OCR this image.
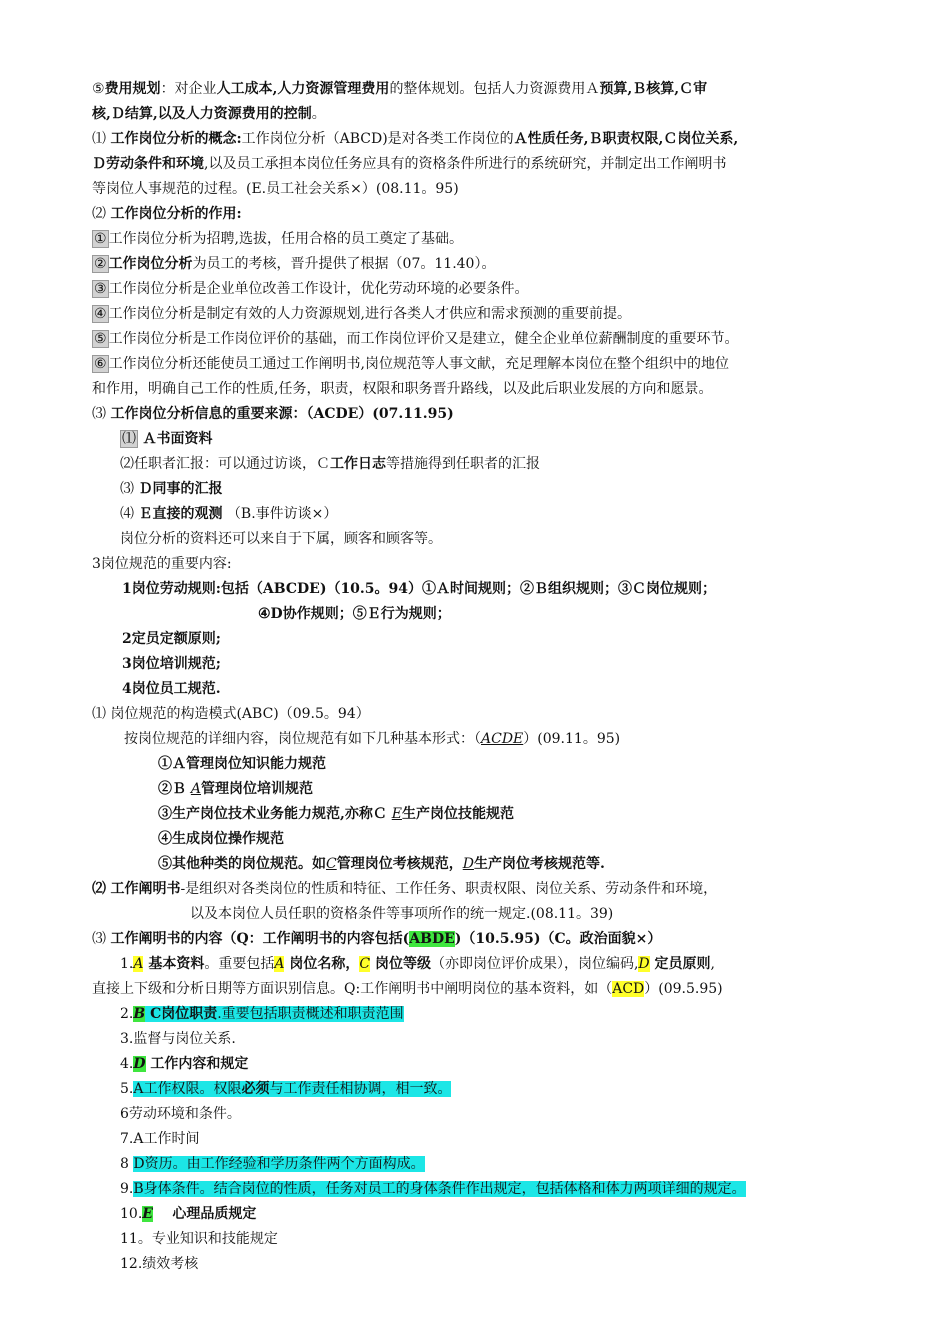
⑤费用规划：对企业人工成本,人力资源管理费用的整体规划。包括人力资源费用Ａ预算,Ｂ核算,Ｃ审
核,Ｄ结算,以及人力资源费用的控制。
⑴ 工作岗位分析的概念:工作岗位分析（ABCD)是对各类工作岗位的Ａ性质任务,Ｂ职责权限,Ｃ岗位关系,
Ｄ劳动条件和环境,以及员工承担本岗位任务应具有的资格条件所进行的系统研究，并制定出工作阐明书
等岗位人事规范的过程。(E.员工社会关系×）(08.11。95)
⑵ 工作岗位分析的作用:
① 工作岗位分析为招聘,选拔，任用合格的员工奠定了基础。
② 工作岗位分析为员工的考核，晋升提供了根据（07。11.40）。
③ 工作岗位分析是企业单位改善工作设计，优化劳动环境的必要条件。
④ 工作岗位分析是制定有效的人力资源规划,进行各类人才供应和需求预测的重要前提。
⑤ 工作岗位分析是工作岗位评价的基础，而工作岗位评价又是建立，健全企业单位薪酬制度的重要环节。
⑥ 工作岗位分析还能使员工通过工作阐明书,岗位规范等人事文献，充足理解本岗位在整个组织中的地位
和作用，明确自己工作的性质,任务，职责，权限和职务晋升路线，以及此后职业发展的方向和愿景。
⑶ 工作岗位分析信息的重要来源：（ACDE）(07.11.95)
⑴ Ａ书面资料
⑵任职者汇报：可以通过访谈，Ｃ工作日志等措施得到任职者的汇报
⑶ Ｄ同事的汇报
⑷ Ｅ直接的观测 （B.事件访谈×）
岗位分析的资料还可以来自于下属，顾客和顾客等。
3岗位规范的重要内容:
1岗位劳动规则:包括（ABCDE)（10.5。94）①Ａ时间规则；②Ｂ组织规则；③Ｃ岗位规则；
④D协作规则；⑤Ｅ行为规则；
2定员定额原则;
3岗位培训规范;
4岗位员工规范.
⑴ 岗位规范的构造模式(ABC)（09.5。94）
按岗位规范的详细内容，岗位规范有如下几种基本形式：（ACDE）(09.11。95)
①Ａ管理岗位知识能力规范
②Ｂ A管理岗位培训规范
③生产岗位技术业务能力规范,亦称Ｃ E生产岗位技能规范
④生成岗位操作规范
⑤其他种类的岗位规范。如C管理岗位考核规范，D生产岗位考核规范等.
⑵ 工作阐明书-是组织对各类岗位的性质和特征、工作任务、职责权限、岗位关系、劳动条件和环境，
以及本岗位人员任职的资格条件等事项所作的统一规定.(08.11。39)
⑶ 工作阐明书的内容（Q：工作阐明书的内容包括(ABDE)（10.5.95)（C。政治面貌×）
1.A 基本资料。重要包括A 岗位名称，C 岗位等级（亦即岗位评价成果），岗位编码,D 定员原则,
直接上下级和分析日期等方面识别信息。Q:工作阐明书中阐明岗位的基本资料，如（ACD）(09.5.95)
2.B C岗位职责.重要包括职责概述和职责范围
3.监督与岗位关系.
4.D 工作内容和规定
5.A工作权限。权限必须与工作责任相协调，相一致。
6劳动环境和条件。
7.A工作时间
8 D资历。由工作经验和学历条件两个方面构成。
9.B身体条件。结合岗位的性质，任务对员工的身体条件作出规定，包括体格和体力两项详细的规定。
10.E    心理品质规定
11。专业知识和技能规定
12.绩效考核
